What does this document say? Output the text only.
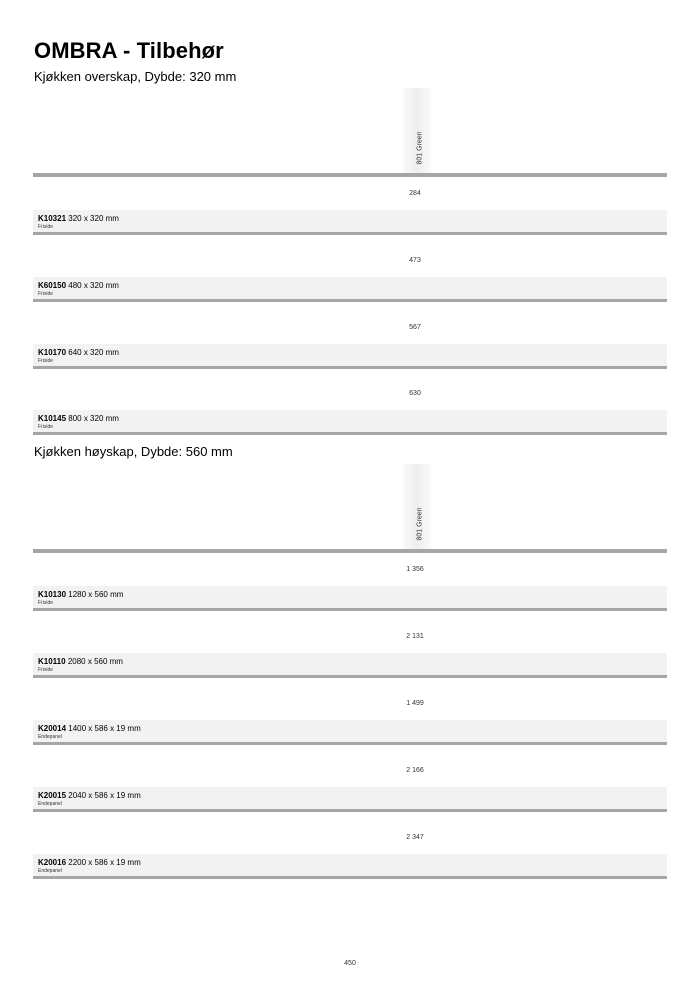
OMBRA - Tilbehør
Kjøkken overskap, Dybde: 320 mm
801 Green
284
K10321 320 x 320 mm
Friside
473
K60150 480 x 320 mm
Friside
567
K10170 640 x 320 mm
Friside
630
K10145 800 x 320 mm
Friside
Kjøkken høyskap, Dybde: 560 mm
801 Green
1 356
K10130 1280 x 560 mm
Friside
2 131
K10110 2080 x 560 mm
Friside
1 499
K20014 1400 x 586 x 19 mm
Endepanel
2 166
K20015 2040 x 586 x 19 mm
Endepanel
2 347
K20016 2200 x 586 x 19 mm
Endepanel
450
